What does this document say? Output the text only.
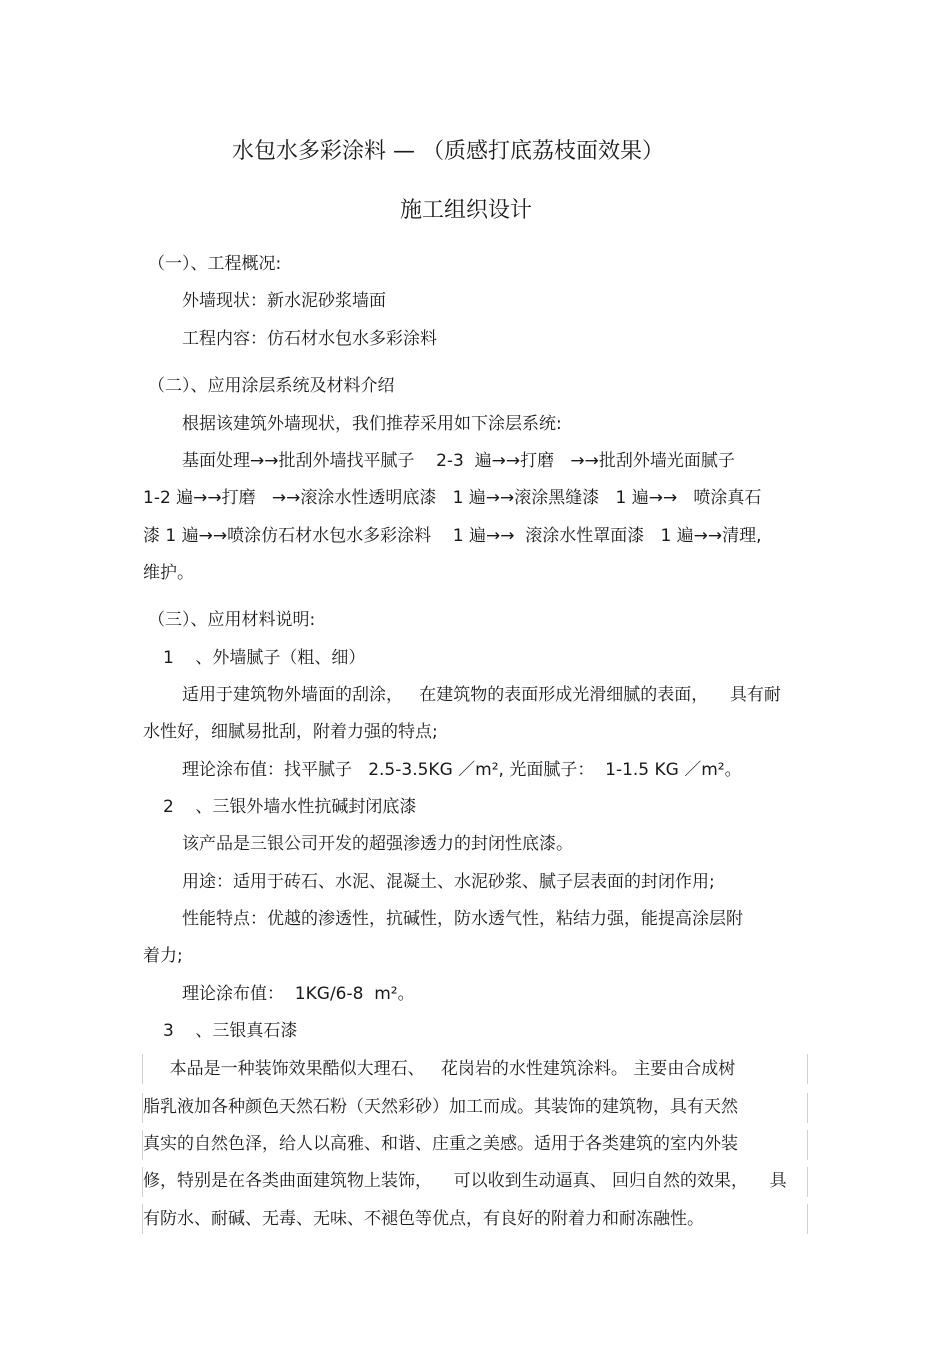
水包水多彩涂料 — （质感打底荔枝面效果）
施工组织设计
（一）、工程概况:
外墙现状：新水泥砂浆墙面
工程内容：仿石材水包水多彩涂料
（二）、应用涂层系统及材料介绍
根据该建筑外墙现状，我们推荐采用如下涂层系统:
基面处理→→批刮外墙找平腻子    2-3  遍→→打磨   →→批刮外墙光面腻子
1-2 遍→→打磨   →→滚涂水性透明底漆   1 遍→→滚涂黑缝漆   1 遍→→   喷涂真石
漆 1 遍→→喷涂仿石材水包水多彩涂料    1 遍→→  滚涂水性罩面漆   1 遍→→清理,
维护。
（三）、应用材料说明:
1    、外墙腻子（粗、细）
适用于建筑物外墙面的刮涂，   在建筑物的表面形成光滑细腻的表面，    具有耐
水性好，细腻易批刮，附着力强的特点;
理论涂布值：找平腻子   2.5-3.5KG ／m², 光面腻子：  1-1.5 KG ／m²。
2    、三银外墙水性抗碱封闭底漆
该产品是三银公司开发的超强渗透力的封闭性底漆。
用途：适用于砖石、水泥、混凝土、水泥砂浆、腻子层表面的封闭作用;
性能特点：优越的渗透性，抗碱性，防水透气性，粘结力强，能提高涂层附
着力;
理论涂布值：  1KG∕6-8  m²。
3    、三银真石漆
本品是一种装饰效果酷似大理石、   花岗岩的水性建筑涂料。 主要由合成树
脂乳液加各种颜色天然石粉（天然彩砂）加工而成。其装饰的建筑物，具有天然
真实的自然色泽，给人以高雅、和谐、庄重之美感。适用于各类建筑的室内外装
修，特别是在各类曲面建筑物上装饰，    可以收到生动逼真、 回归自然的效果，    具
有防水、耐碱、无毒、无味、不褪色等优点，有良好的附着力和耐冻融性。
